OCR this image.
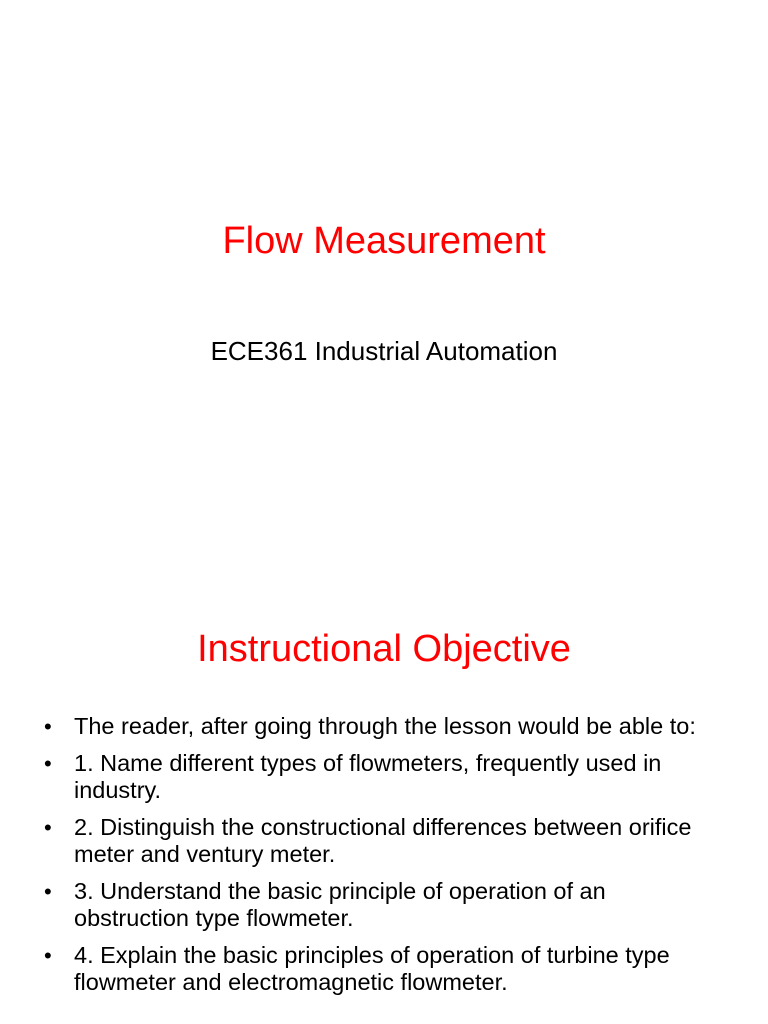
Flow Measurement

ECE361 Industrial Automation

Instructional Objective
• The reader, after going through the lesson would be able to:
• 1. Name different types of flowmeters, frequently used in industry.
• 2. Distinguish the constructional differences between orifice meter and ventury meter.
• 3. Understand the basic principle of operation of an obstruction type flowmeter.
• 4. Explain the basic principles of operation of turbine type flowmeter and electromagnetic flowmeter.
